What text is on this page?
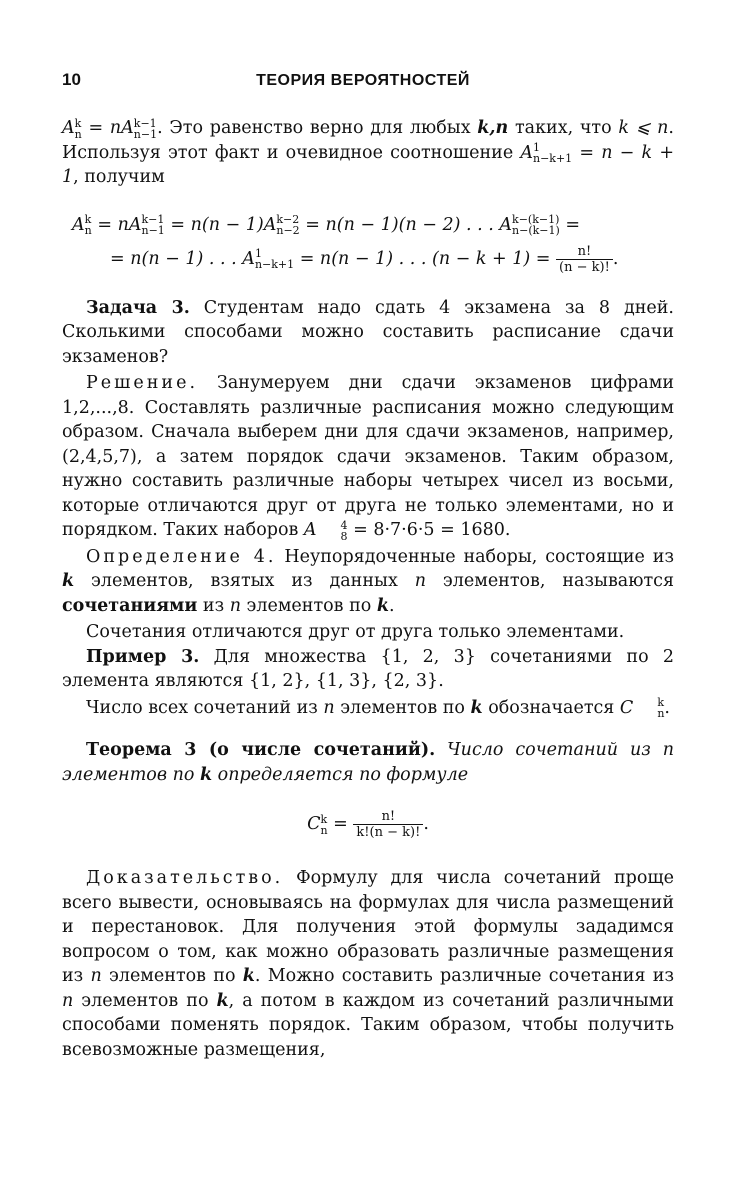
10	ТЕОРИЯ ВЕРОЯТНОСТЕЙ

A k
n = nA k−1
n−1 . Это равенство верно для любых k,n таких, что k ⩽ n. Используя этот факт и очевидное соотношение A 1
n−k+1 = n − k + 1, получим

A k
n = nA k−1
n−1 = n(n − 1)A k−2
n−2 = n(n − 1)(n − 2) . . . A k−(k−1)
n−(k−1) =
= n(n − 1) . . . A 1
n−k+1 = n(n − 1) . . . $(n - k + 1) = \frac{n!}{(n - k)!}$ .

Задача 3. Студентам надо сдать 4 экзамена за 8 дней. Сколькими способами можно составить расписание сдачи экзаменов?

Решение. Занумеруем дни сдачи экзаменов цифрами 1,2,...,8. Составлять различные расписания можно следующим образом. Сначала выберем дни для сдачи экзаменов, например, (2,4,5,7), а затем порядок сдачи экзаменов. Таким образом, нужно составить различные наборы четырех чисел из восьми, которые отличаются друг от друга не только элементами, но и порядком. Таких наборов A	4
8 = 8·7·6·5 = 1680.

Определение 4. Неупорядоченные наборы, состоящие из k элементов, взятых из данных n элементов, называются сочетаниями из n элементов по k.

Сочетания отличаются друг от друга только элементами.

Пример 3. Для множества {1, 2, 3} сочетаниями по 2 элемента являются {1, 2}, {1, 3}, {2, 3}.

Число всех сочетаний из n элементов по k обозначается C	k
n .

Теорема 3 (о числе сочетаний). Число сочетаний из n элементов по k определяется по формуле

C k
$n = \frac{n!}{k!(n - k)!}$ .

Доказательство. Формулу для числа сочетаний проще всего вывести, основываясь на формулах для числа размещений и перестановок. Для получения этой формулы зададимся вопросом о том, как можно образовать различные размещения из n элементов по k. Можно составить различные сочетания из n элементов по k, а потом в каждом из сочетаний различными способами поменять порядок. Таким образом, чтобы получить всевозможные размещения,
